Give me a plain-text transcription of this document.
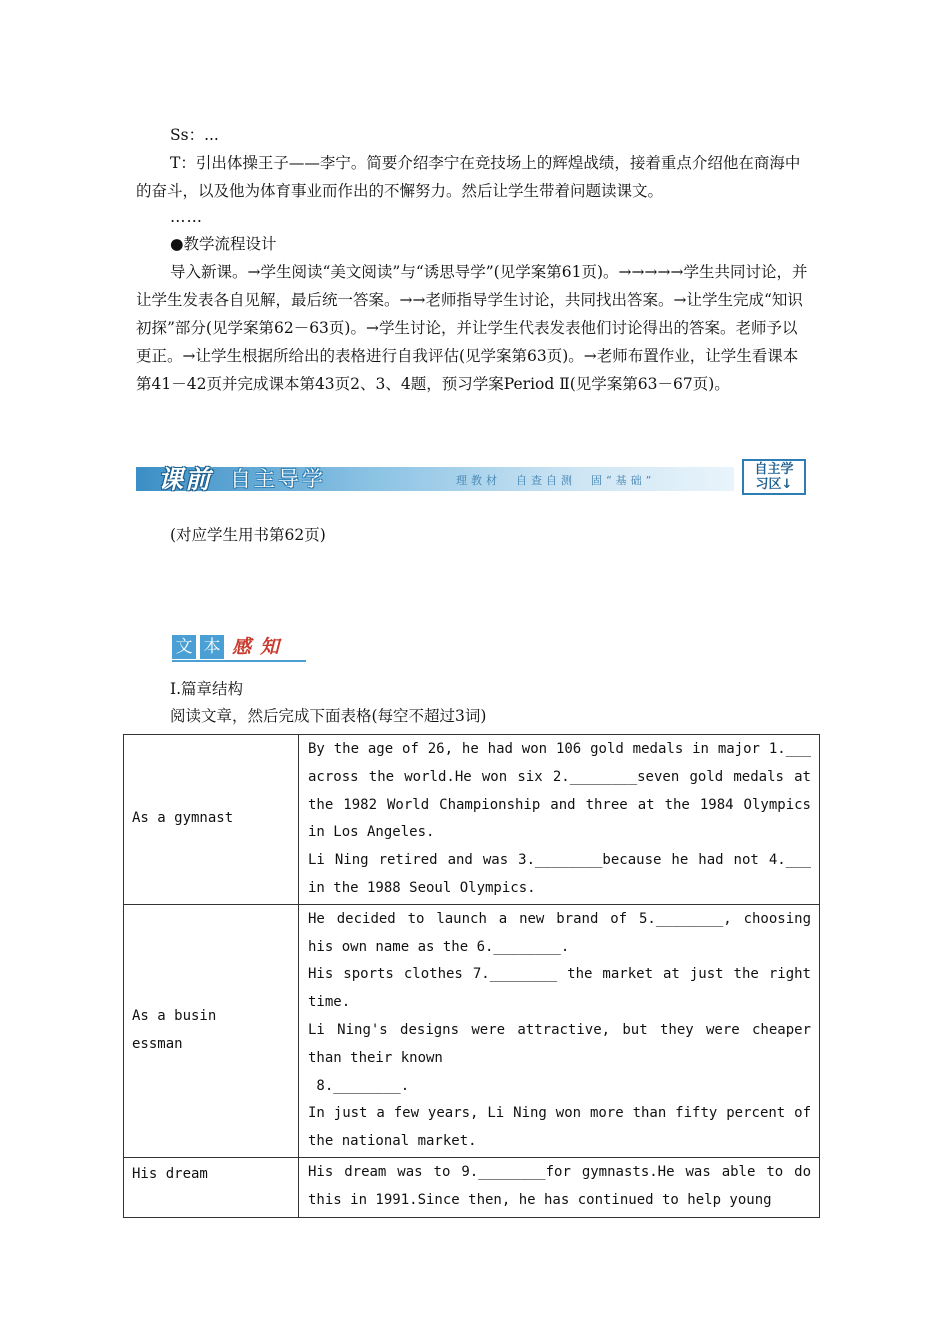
Ss：...

T：引出体操王子——李宁。简要介绍李宁在竞技场上的辉煌战绩，接着重点介绍他在商海中的奋斗，以及他为体育事业而作出的不懈努力。然后让学生带着问题读课文。

……

●教学流程设计

导入新课。→学生阅读“美文阅读”与“诱思导学”(见学案第61页)。→→→→→学生共同讨论，并让学生发表各自见解，最后统一答案。→→老师指导学生讨论，共同找出答案。→让学生完成“知识初探”部分(见学案第62－63页)。→学生讨论，并让学生代表发表他们讨论得出的答案。老师予以更正。→让学生根据所给出的表格进行自我评估(见学案第63页)。→老师布置作业，让学生看课本第41－42页并完成课本第43页2、3、4题，预习学案Period Ⅱ(见学案第63－67页)。

课前 自主导学	理教材　自查自测　固“基础”
自主学
习区↓

(对应学生用书第62页)

文 本 感 知

Ⅰ.篇章结构

阅读文章，然后完成下面表格(每空不超过3词)

As a gymnast	By the age of 26, he had won 106 gold medals in major 1.___ across the world.He won six 2.________seven gold medals at the 1982 World Championship and three at the 1984 Olympics in Los Angeles.
Li Ning retired and was 3.________because he had not 4.___ in the 1988 Seoul Olympics.

As a busin
essman	He decided to launch a new brand of 5.________, choosing his own name as the 6.________.
His sports clothes 7.________ the market at just the right time.
Li Ning's designs were attractive, but they were cheaper than their known
8.________.
In just a few years, Li Ning won more than fifty percent of the national market.

His dream	His dream was to 9.________for gymnasts.He was able to do this in 1991.Since then, he has continued to help young
